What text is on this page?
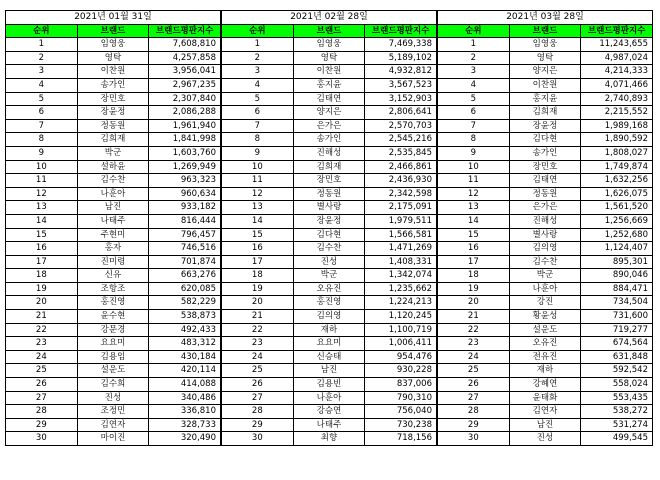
2021년 01월 31일		
순위	브랜드	브랜드평판지수
1	임영웅	7,608,810
2	영탁	4,257,858
3	이찬원	3,956,041
4	송가인	2,967,235
5	장민호	2,307,840
6	장윤정	2,086,288
7	정동원	1,961,940
8	김희재	1,841,998
9	박군	1,603,760
10	설하윤	1,269,949
11	김수찬	963,323
12	나훈아	960,634
13	남진	933,182
14	나태주	816,444
15	주현미	796,457
16	홍자	746,516
17	진미령	701,874
18	신유	663,276
19	조항조	620,085
20	홍진영	582,229
21	윤수현	538,873
22	강문경	492,433
23	요요미	483,312
24	김용임	430,184
25	설운도	420,114
26	김수희	414,088
27	진성	340,486
28	조정민	336,810
29	김연자	328,733
30	마이진	320,490
2021년 02월 28일		
순위	브랜드	브랜드평판지수
1	임영웅	7,469,338
2	영탁	5,189,102
3	이찬원	4,932,812
4	홍지윤	3,567,523
5	김태연	3,152,903
6	양지은	2,806,641
7	은가은	2,570,703
8	송가인	2,545,216
9	진해성	2,535,845
10	김희재	2,466,861
11	장민호	2,436,930
12	정동원	2,342,598
13	별사랑	2,175,091
14	장윤정	1,979,511
15	김다현	1,566,581
16	김수찬	1,471,269
17	진성	1,408,331
18	박군	1,342,074
19	오유진	1,235,662
20	홍진영	1,224,213
21	김의영	1,120,245
22	재하	1,100,719
23	요요미	1,006,411
24	신승태	954,476
25	남진	930,228
26	김용빈	837,006
27	나훈아	790,310
28	강승연	756,040
29	나태주	730,238
30	최향	718,156
2021년 03월 28일		
순위	브랜드	브랜드평판지수
1	임영웅	11,243,655
2	영탁	4,987,024
3	양지은	4,214,333
4	이찬원	4,071,466
5	홍지윤	2,740,893
6	김희재	2,215,552
7	장윤정	1,989,168
8	김다현	1,890,592
9	송가인	1,808,027
10	장민호	1,749,874
11	김태연	1,632,256
12	정동원	1,626,075
13	은가은	1,561,520
14	진해성	1,256,669
15	별사랑	1,252,680
16	김의영	1,124,407
17	김수찬	895,301
18	박군	890,046
19	나훈아	884,471
20	강진	734,504
21	황윤성	731,600
22	설운도	719,277
23	오유진	674,564
24	전유진	631,848
25	재하	592,542
26	강혜연	558,024
27	윤태화	553,435
28	김연자	538,272
29	남진	531,274
30	진성	499,545
